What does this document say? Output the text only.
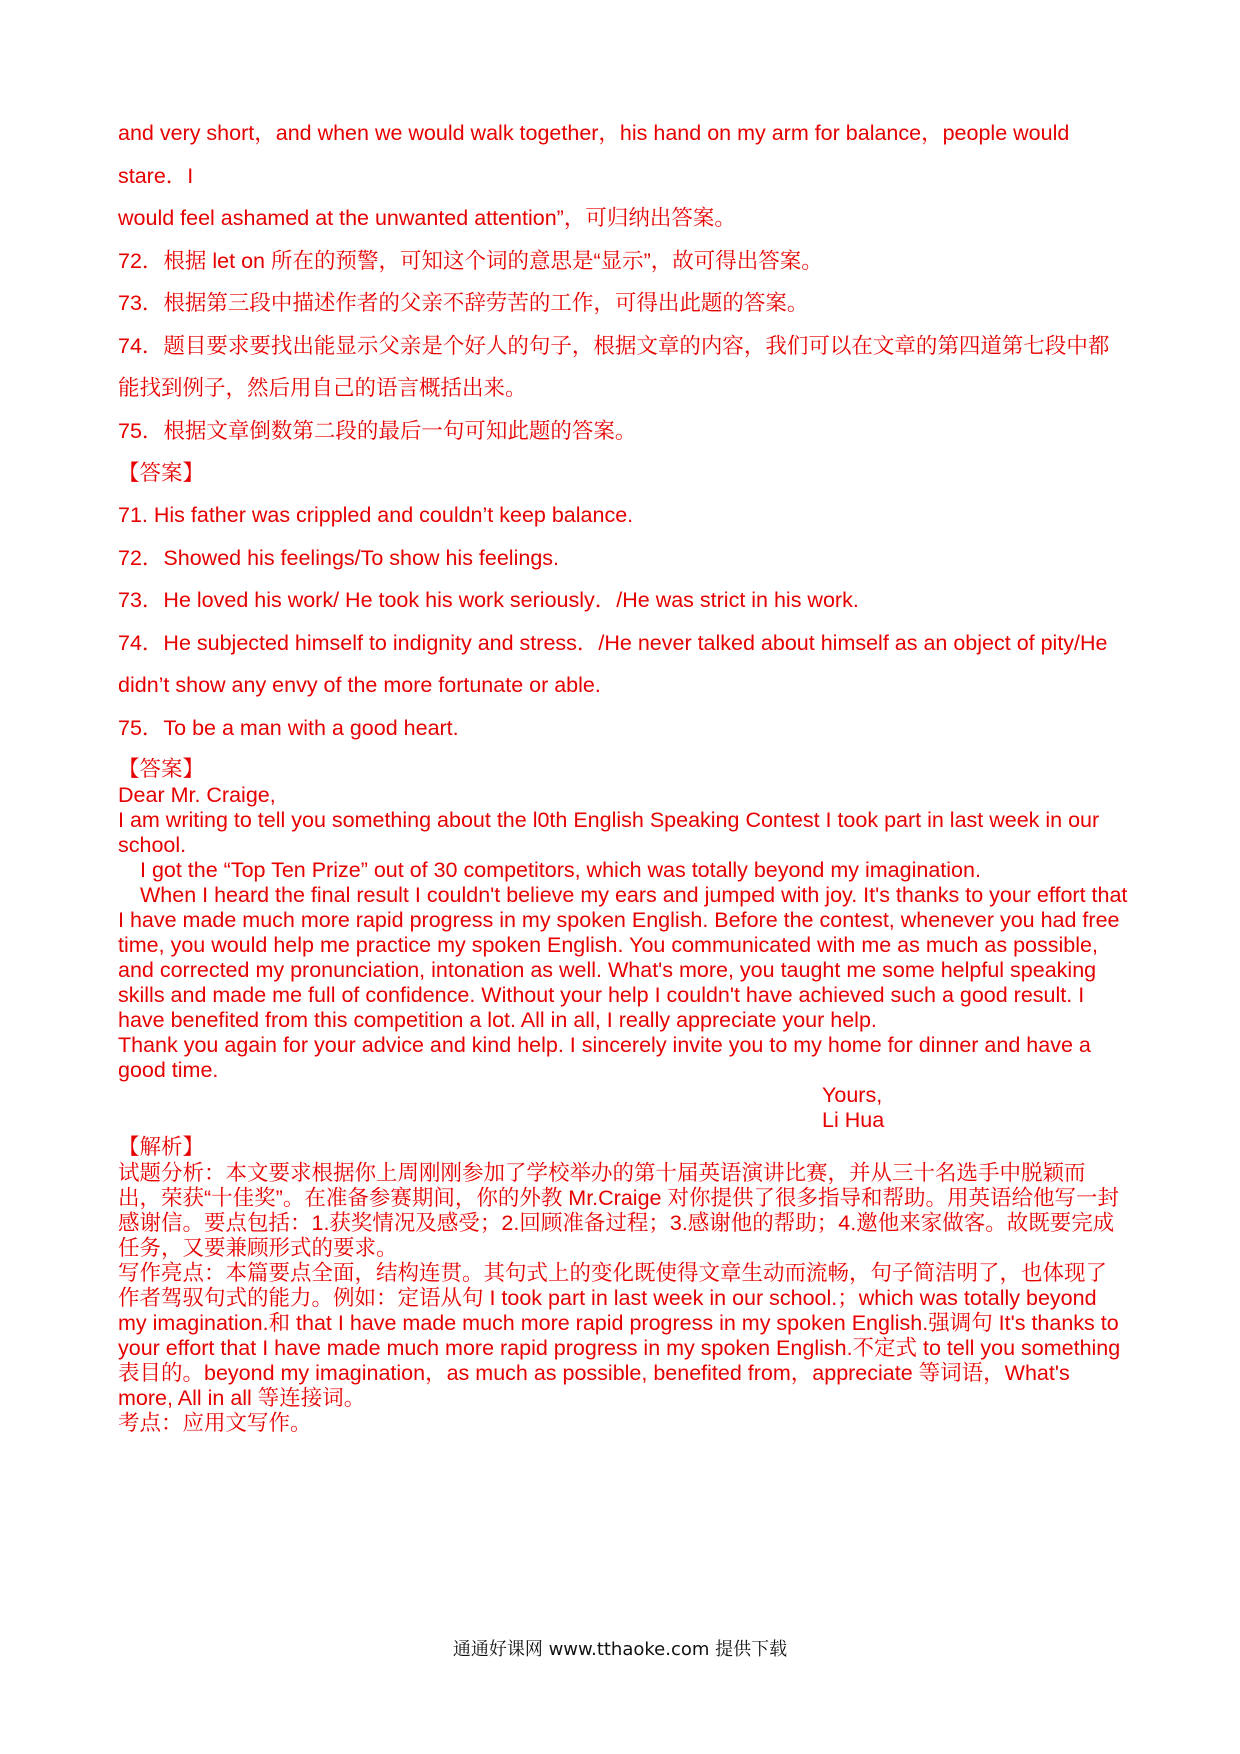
and very short，and when we would walk together，his hand on my arm for balance，people would stare．I

would feel ashamed at the unwanted attention”，可归纳出答案。

72．根据 let on 所在的预警，可知这个词的意思是“显示”，故可得出答案。

73．根据第三段中描述作者的父亲不辞劳苦的工作，可得出此题的答案。

74．题目要求要找出能显示父亲是个好人的句子，根据文章的内容，我们可以在文章的第四道第七段中都能找到例子，然后用自己的语言概括出来。

75．根据文章倒数第二段的最后一句可知此题的答案。

【答案】

71. His father was crippled and couldn’t keep balance.

72．Showed his feelings/To show his feelings.

73．He loved his work/ He took his work seriously．/He was strict in his work.

74．He subjected himself to indignity and stress．/He never talked about himself as an object of pity/He didn’t show any envy of the more fortunate or able.

75．To be a man with a good heart.

【答案】

Dear Mr. Craige,

I am writing to tell you something about the l0th English Speaking Contest I took part in last week in our school.

I got the “Top Ten Prize” out of 30 competitors, which was totally beyond my imagination.

When I heard the final result I couldn't believe my ears and jumped with joy. It's thanks to your effort that I have made much more rapid progress in my spoken English. Before the contest, whenever you had free time, you would help me practice my spoken English. You communicated with me as much as possible, and corrected my pronunciation, intonation as well. What's more, you taught me some helpful speaking skills and made me full of confidence. Without your help I couldn't have achieved such a good result. I have benefited from this competition a lot. All in all, I really appreciate your help.

Thank you again for your advice and kind help. I sincerely invite you to my home for dinner and have a good time.

Yours,

Li Hua

【解析】

试题分析：本文要求根据你上周刚刚参加了学校举办的第十届英语演讲比赛，并从三十名选手中脱颖而出，荣获“十佳奖”。在准备参赛期间，你的外教 Mr.Craige 对你提供了很多指导和帮助。用英语给他写一封感谢信。要点包括：1.获奖情况及感受；2.回顾准备过程；3.感谢他的帮助；4.邀他来家做客。故既要完成任务，又要兼顾形式的要求。

写作亮点：本篇要点全面，结构连贯。其句式上的变化既使得文章生动而流畅，句子简洁明了，也体现了作者驾驭句式的能力。例如：定语从句 I took part in last week in our school.；which was totally beyond my imagination.和 that I have made much more rapid progress in my spoken English.强调句 It's thanks to your effort that I have made much more rapid progress in my spoken English.不定式 to tell you something 表目的。beyond my imagination，as much as possible, benefited from，appreciate 等词语，What's more, All in all 等连接词。

考点：应用文写作。

通通好课网 www.tthaoke.com 提供下载
